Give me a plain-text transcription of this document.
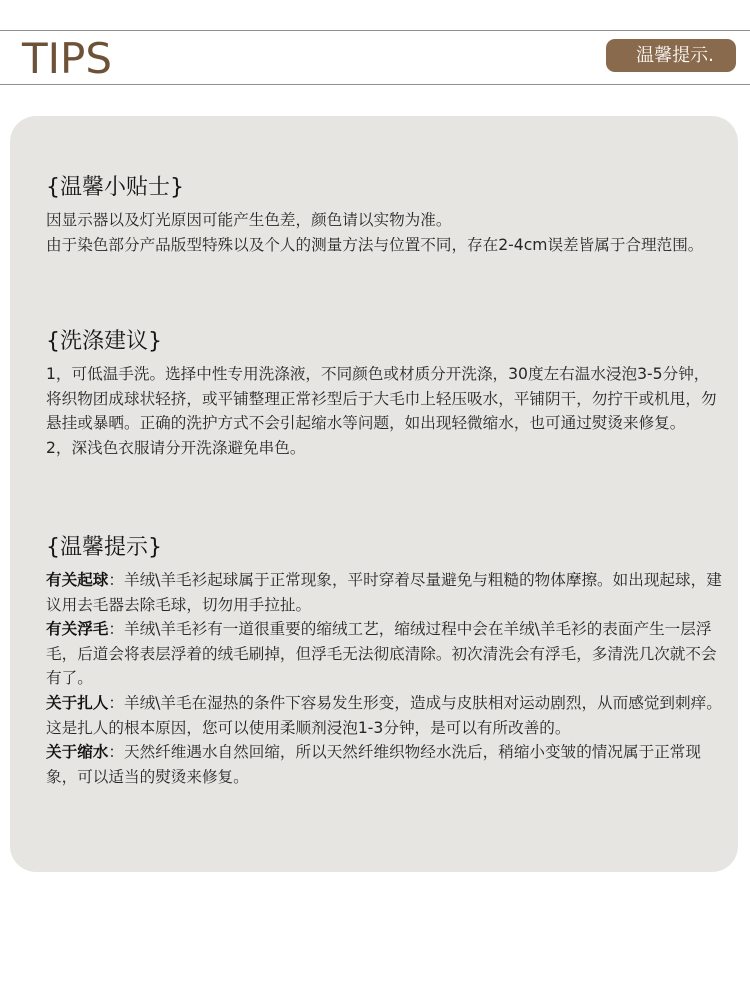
TIPS	温馨提示.
{温馨小贴士}

因显示器以及灯光原因可能产生色差，颜色请以实物为准。

由于染色部分产品版型特殊以及个人的测量方法与位置不同，存在2-4cm误差皆属于合理范围。

{洗涤建议}

1，可低温手洗。选择中性专用洗涤液，不同颜色或材质分开洗涤，30度左右温水浸泡3-5分钟，将织物团成球状轻挤，或平铺整理正常衫型后于大毛巾上轻压吸水，平铺阴干，勿拧干或机甩，勿悬挂或暴晒。正确的洗护方式不会引起缩水等问题，如出现轻微缩水，也可通过熨烫来修复。

2，深浅色衣服请分开洗涤避免串色。

{温馨提示}

有关起球：羊绒\羊毛衫起球属于正常现象，平时穿着尽量避免与粗糙的物体摩擦。如出现起球，建议用去毛器去除毛球，切勿用手拉扯。

有关浮毛：羊绒\羊毛衫有一道很重要的缩绒工艺，缩绒过程中会在羊绒\羊毛衫的表面产生一层浮毛，后道会将表层浮着的绒毛刷掉，但浮毛无法彻底清除。初次清洗会有浮毛，多清洗几次就不会有了。

关于扎人：羊绒\羊毛在湿热的条件下容易发生形变，造成与皮肤相对运动剧烈，从而感觉到刺痒。这是扎人的根本原因，您可以使用柔顺剂浸泡1-3分钟，是可以有所改善的。

关于缩水：天然纤维遇水自然回缩，所以天然纤维织物经水洗后，稍缩小变皱的情况属于正常现象，可以适当的熨烫来修复。
